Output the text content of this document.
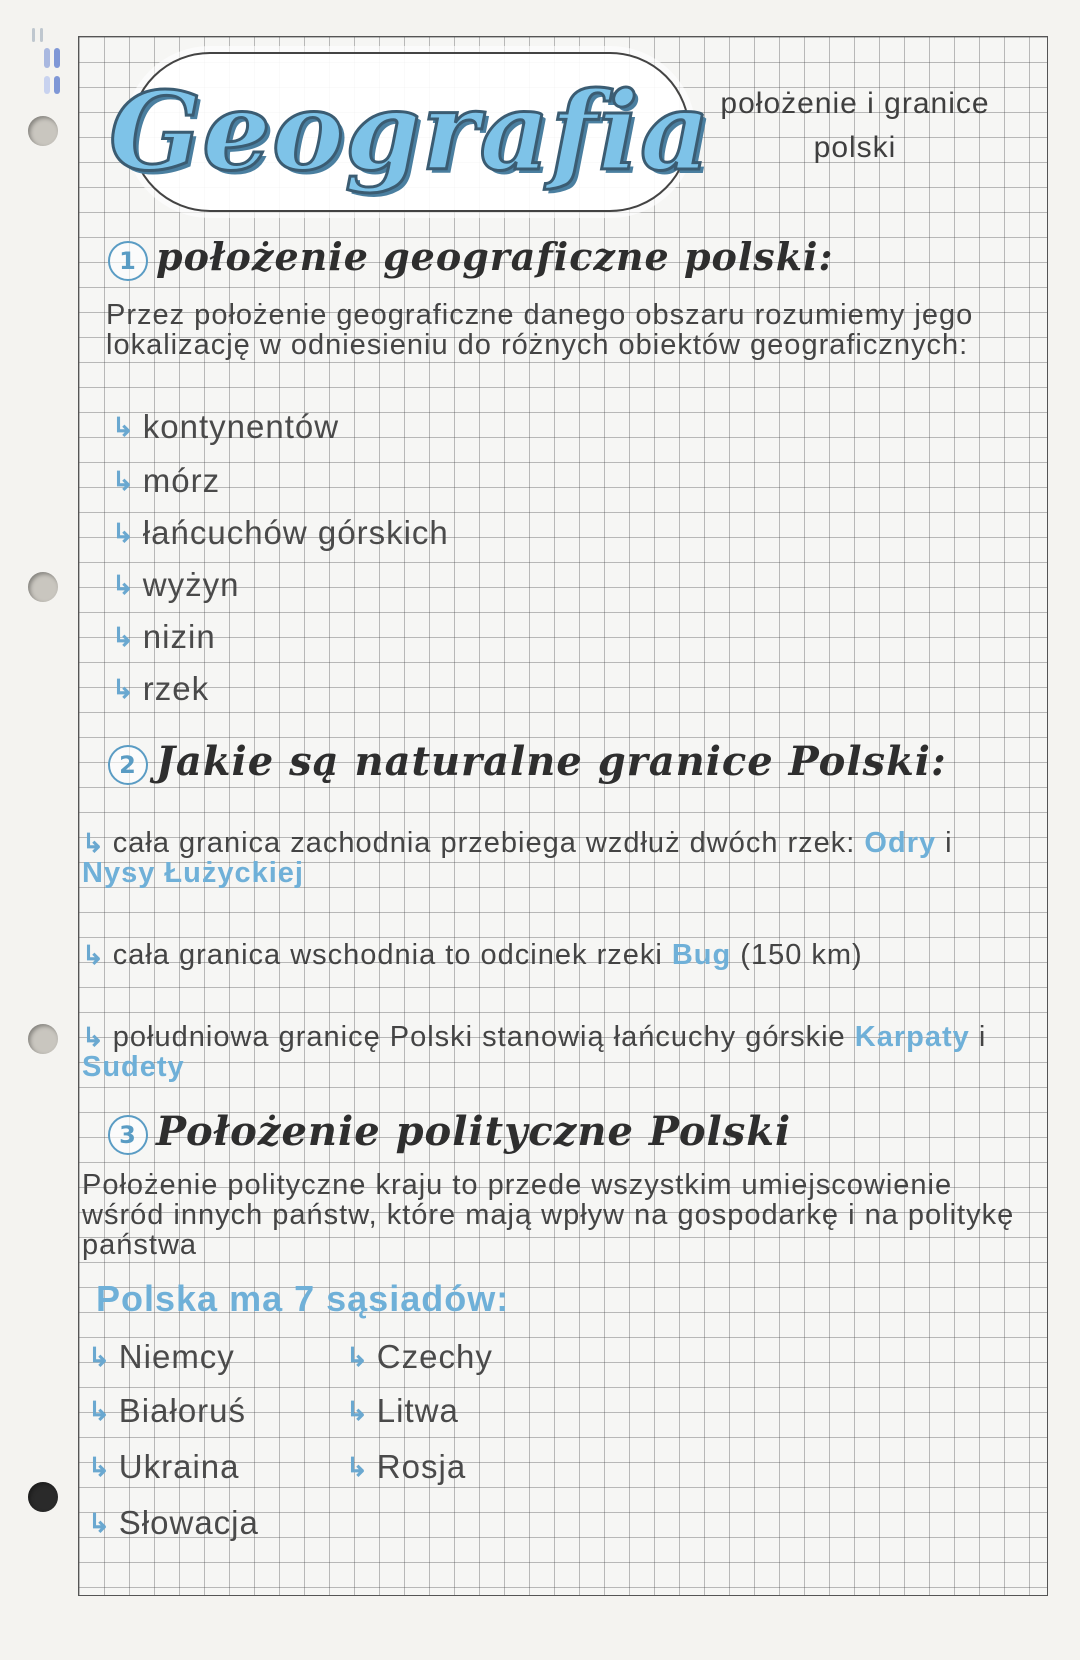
Geografia położenie i granice polski
1 położenie geograficzne polski:
Przez położenie geograficzne danego obszaru rozumiemy jego lokalizację w odniesieniu do różnych obiektów geograficznych:
↳ kontynentów
↳ mórz
↳ łańcuchów górskich
↳ wyżyn
↳ nizin
↳ rzek
2 Jakie są naturalne granice Polski:
↳ cała granica zachodnia przebiega wzdłuż dwóch rzek: Odry i Nysy Łużyckiej
↳ cała granica wschodnia to odcinek rzeki Bug (150 km)
↳ południowa granicę Polski stanowią łańcuchy górskie Karpaty i Sudety
3 Położenie polityczne Polski
Położenie polityczne kraju to przede wszystkim umiejscowienie wśród innych państw, które mają wpływ na gospodarkę i na politykę państwa
Polska ma 7 sąsiadów:
↳ Niemcy
↳ Białoruś
↳ Ukraina
↳ Słowacja
↳ Czechy
↳ Litwa
↳ Rosja
